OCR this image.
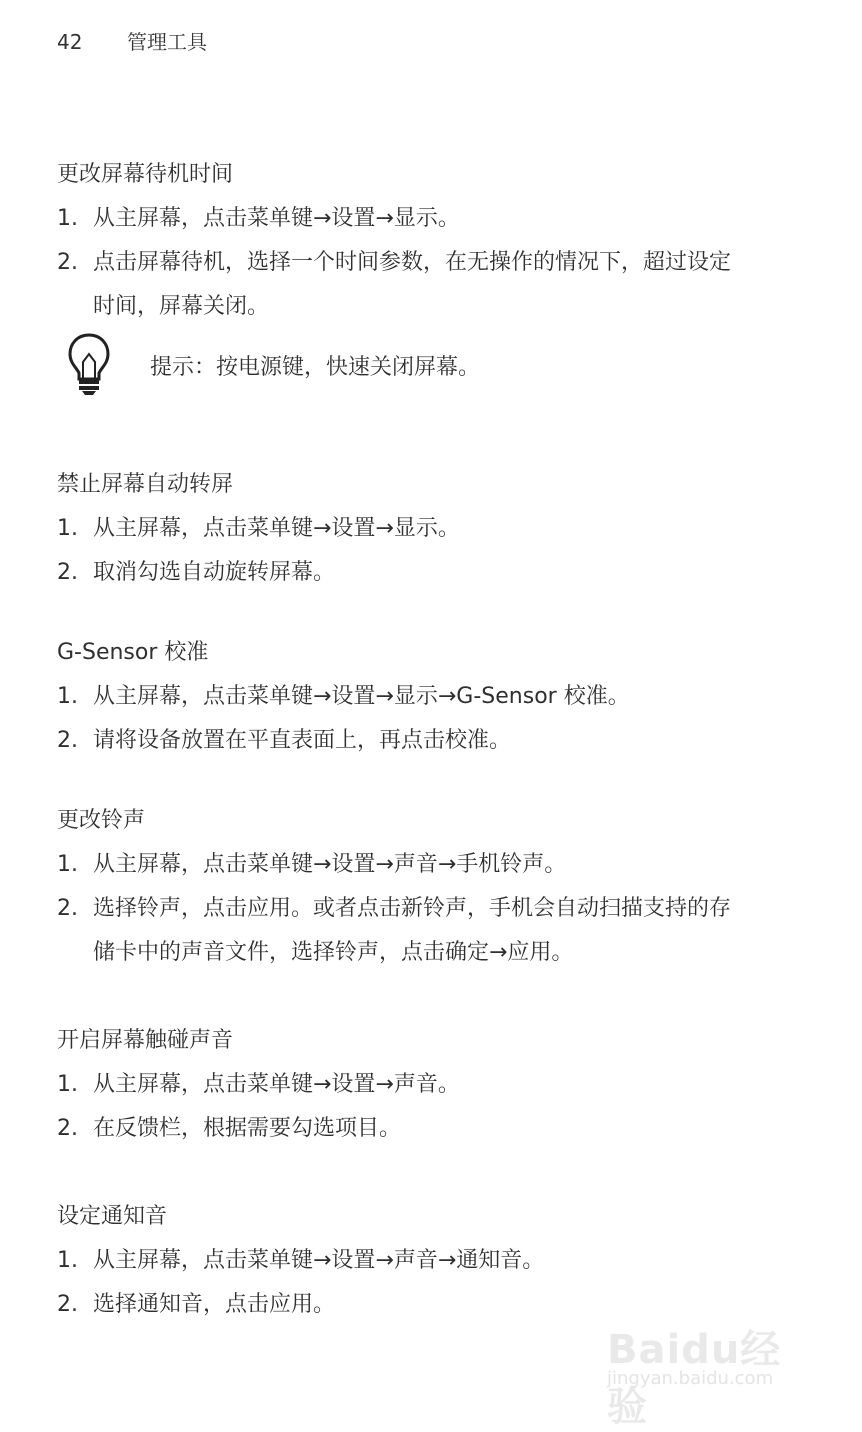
42 管理工具
更改屏幕待机时间
1. 从主屏幕，点击菜单键→设置→显示。
2. 点击屏幕待机，选择一个时间参数，在无操作的情况下，超过设定
时间，屏幕关闭。
提示：按电源键，快速关闭屏幕。
禁止屏幕自动转屏
1. 从主屏幕，点击菜单键→设置→显示。
2. 取消勾选自动旋转屏幕。
G-Sensor 校准
1. 从主屏幕，点击菜单键→设置→显示→G-Sensor 校准。
2. 请将设备放置在平直表面上，再点击校准。
更改铃声
1. 从主屏幕，点击菜单键→设置→声音→手机铃声。
2. 选择铃声，点击应用。或者点击新铃声，手机会自动扫描支持的存
储卡中的声音文件，选择铃声，点击确定→应用。
开启屏幕触碰声音
1. 从主屏幕，点击菜单键→设置→声音。
2. 在反馈栏，根据需要勾选项目。
设定通知音
1. 从主屏幕，点击菜单键→设置→声音→通知音。
2. 选择通知音，点击应用。
Baidu经验
jingyan.baidu.com
